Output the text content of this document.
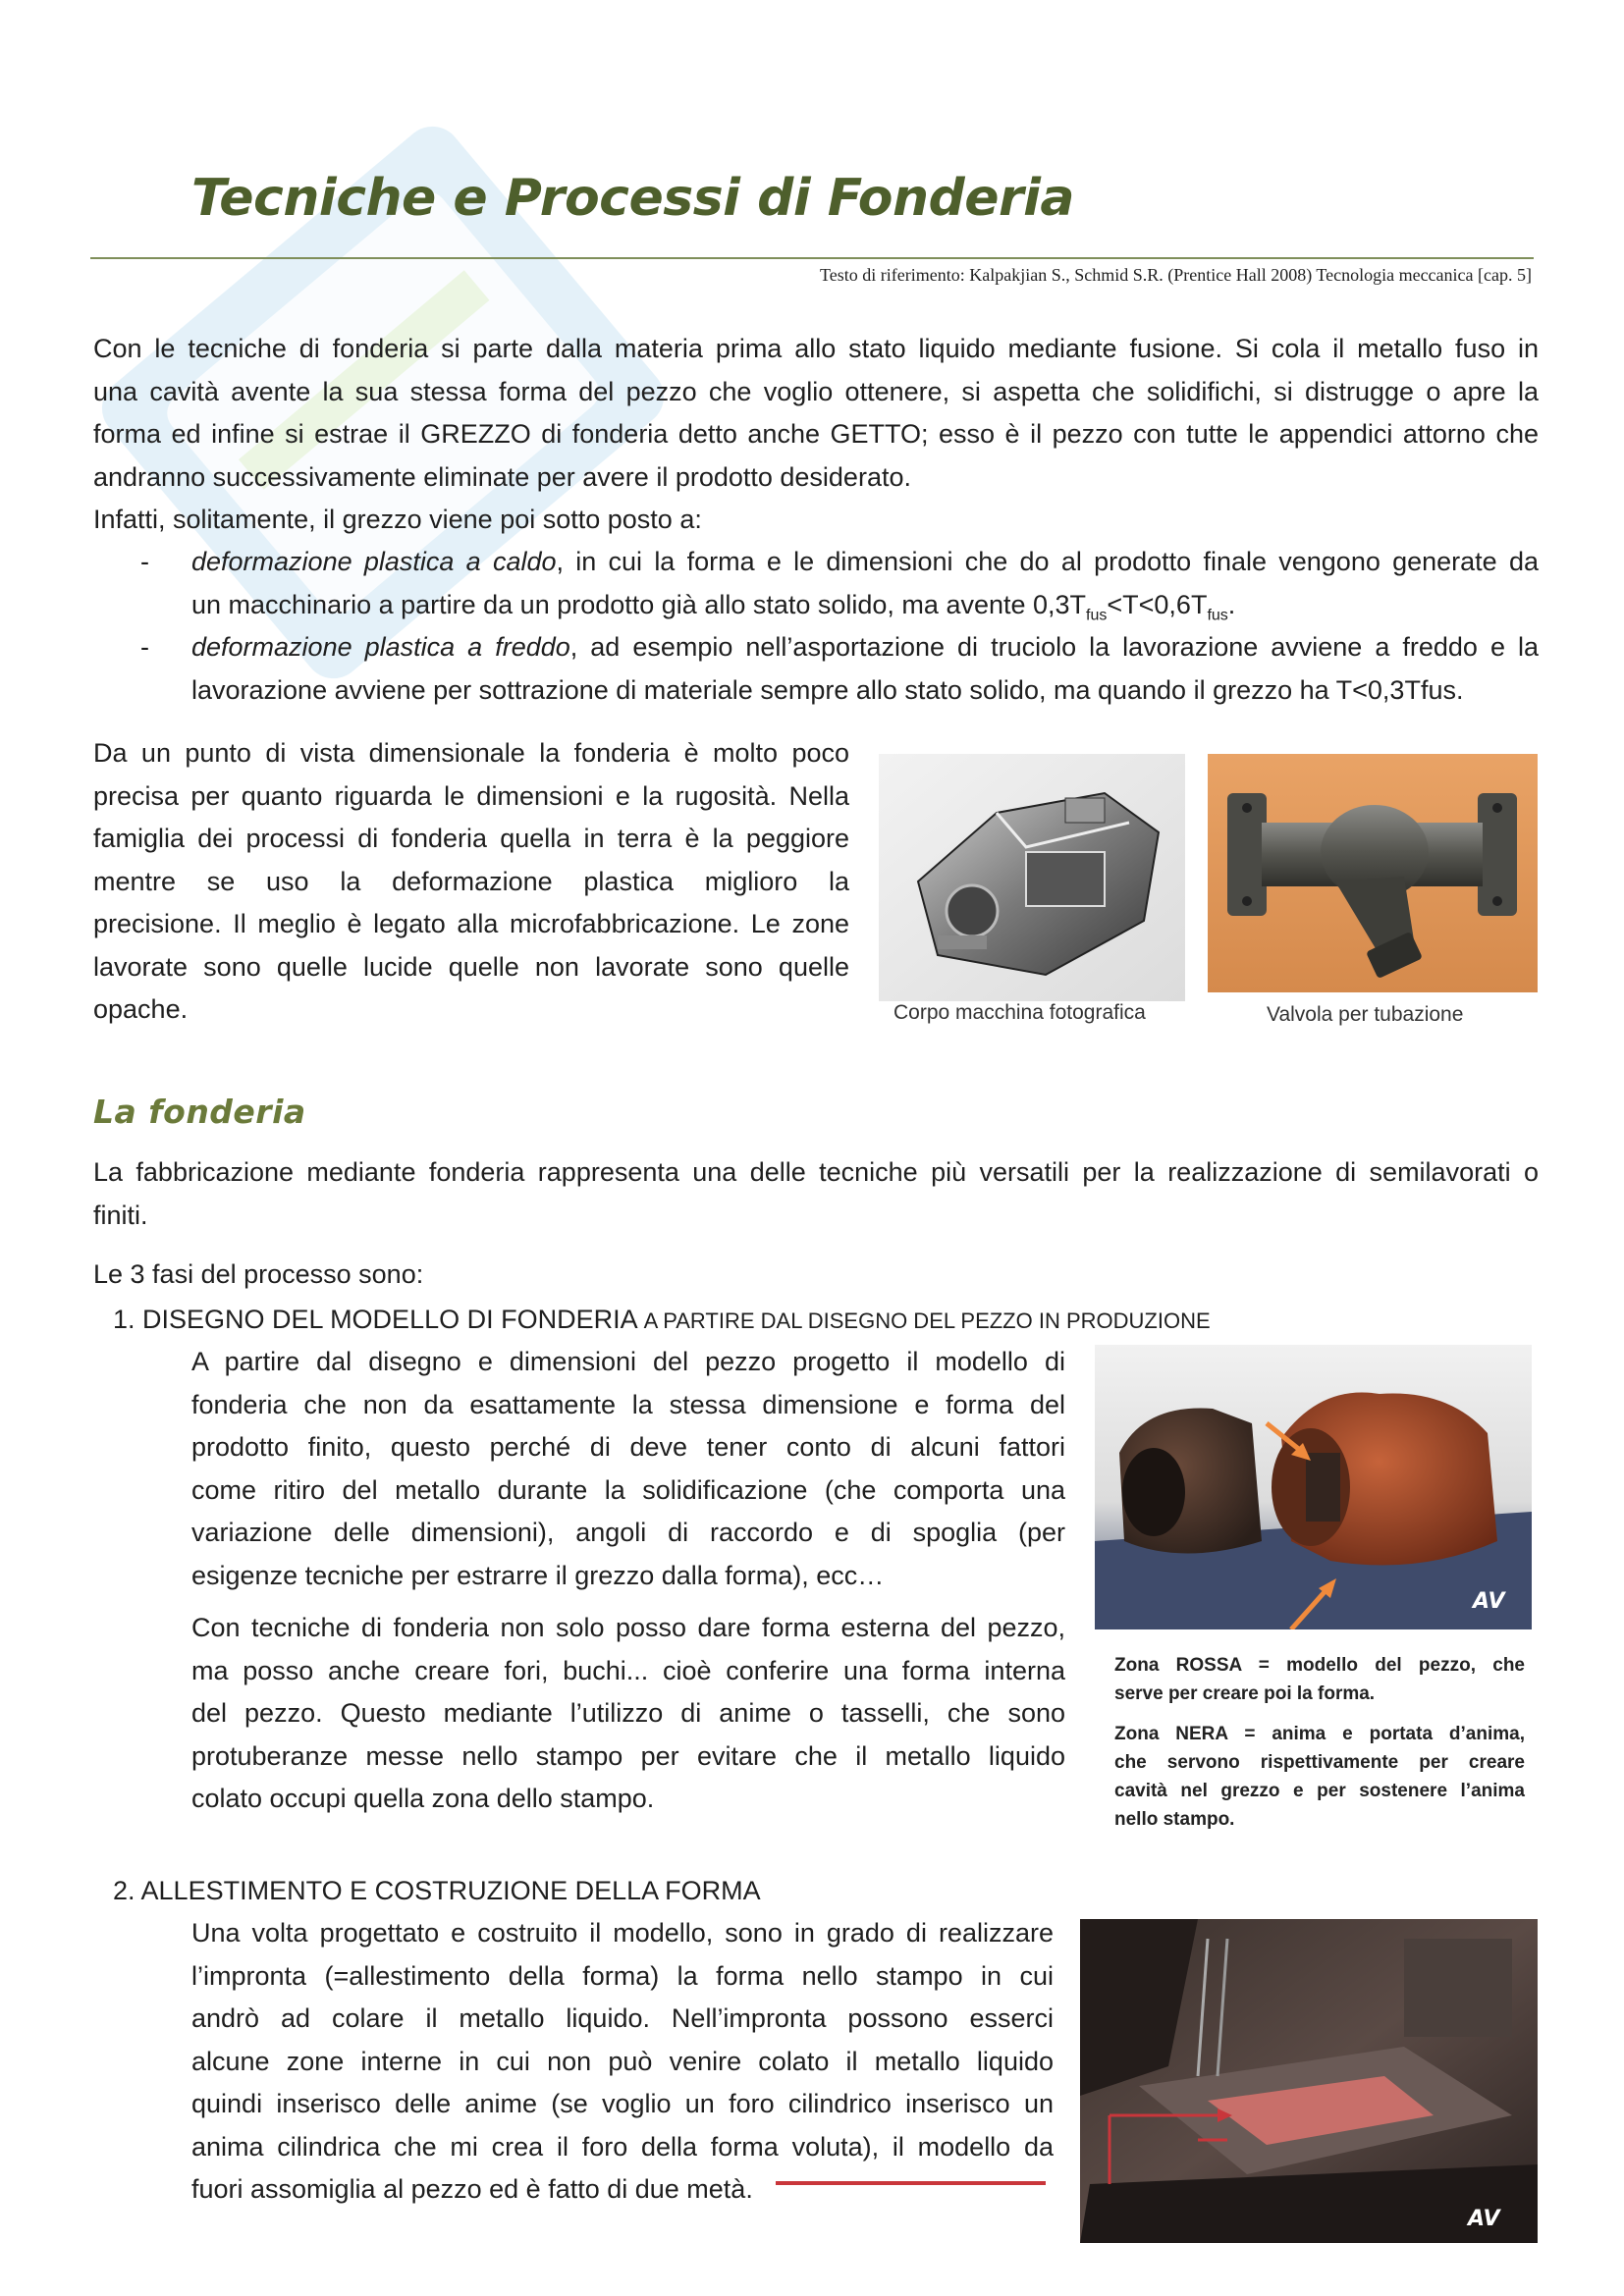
Tecniche e Processi di Fonderia
Testo di riferimento: Kalpakjian S., Schmid S.R. (Prentice Hall 2008) Tecnologia meccanica [cap. 5]
Con le tecniche di fonderia si parte dalla materia prima allo stato liquido mediante fusione. Si cola il metallo fuso in
una cavità avente la sua stessa forma del pezzo che voglio ottenere, si aspetta che solidifichi, si distrugge o apre la
forma ed infine si estrae il GREZZO di fonderia detto anche GETTO; esso è il pezzo con tutte le appendici attorno che
andranno successivamente eliminate per avere il prodotto desiderato.
Infatti, solitamente, il grezzo viene poi sotto posto a:
- deformazione plastica a caldo, in cui la forma e le dimensioni che do al prodotto finale vengono generate da
un macchinario a partire da un prodotto già allo stato solido, ma avente $0,3T_{fus}<T<0,6T_{fus}$.
- deformazione plastica a freddo, ad esempio nell’asportazione di truciolo la lavorazione avviene a freddo e la
lavorazione avviene per sottrazione di materiale sempre allo stato solido, ma quando il grezzo ha T<0,3Tfus.
Da un punto di vista dimensionale la fonderia è molto poco
precisa per quanto riguarda le dimensioni e la rugosità. Nella
famiglia dei processi di fonderia quella in terra è la peggiore
mentre se uso la deformazione plastica miglioro la
precisione. Il meglio è legato alla microfabbricazione. Le zone
lavorate sono quelle lucide quelle non lavorate sono quelle
opache.	Corpo macchina fotografica	Valvola per tubazione
La fonderia
La fabbricazione mediante fonderia rappresenta una delle tecniche più versatili per la realizzazione di semilavorati o
finiti.
Le 3 fasi del processo sono:
1. DISEGNO DEL MODELLO DI FONDERIA A PARTIRE DAL DISEGNO DEL PEZZO IN PRODUZIONE
A partire dal disegno e dimensioni del pezzo progetto il modello di
fonderia che non da esattamente la stessa dimensione e forma del
prodotto finito, questo perché di deve tener conto di alcuni fattori
come ritiro del metallo durante la solidificazione (che comporta una
variazione delle dimensioni), angoli di raccordo e di spoglia (per
esigenze tecniche per estrarre il grezzo dalla forma), ecc…
Con tecniche di fonderia non solo posso dare forma esterna del pezzo,
ma posso anche creare fori, buchi... cioè conferire una forma interna
del pezzo. Questo mediante l’utilizzo di anime o tasselli, che sono
protuberanze messe nello stampo per evitare che il metallo liquido
colato occupi quella zona dello stampo.
AV
Zona ROSSA = modello del pezzo, che
serve per creare poi la forma.
Zona NERA = anima e portata d’anima,
che servono rispettivamente per creare
cavità nel grezzo e per sostenere l’anima
nello stampo.
2. ALLESTIMENTO E COSTRUZIONE DELLA FORMA
Una volta progettato e costruito il modello, sono in grado di realizzare
l’impronta (=allestimento della forma) la forma nello stampo in cui
andrò ad colare il metallo liquido. Nell’impronta possono esserci
alcune zone interne in cui non può venire colato il metallo liquido
quindi inserisco delle anime (se voglio un foro cilindrico inserisco un
anima cilindrica che mi crea il foro della forma voluta), il modello da
fuori assomiglia al pezzo ed è fatto di due metà.
AV
